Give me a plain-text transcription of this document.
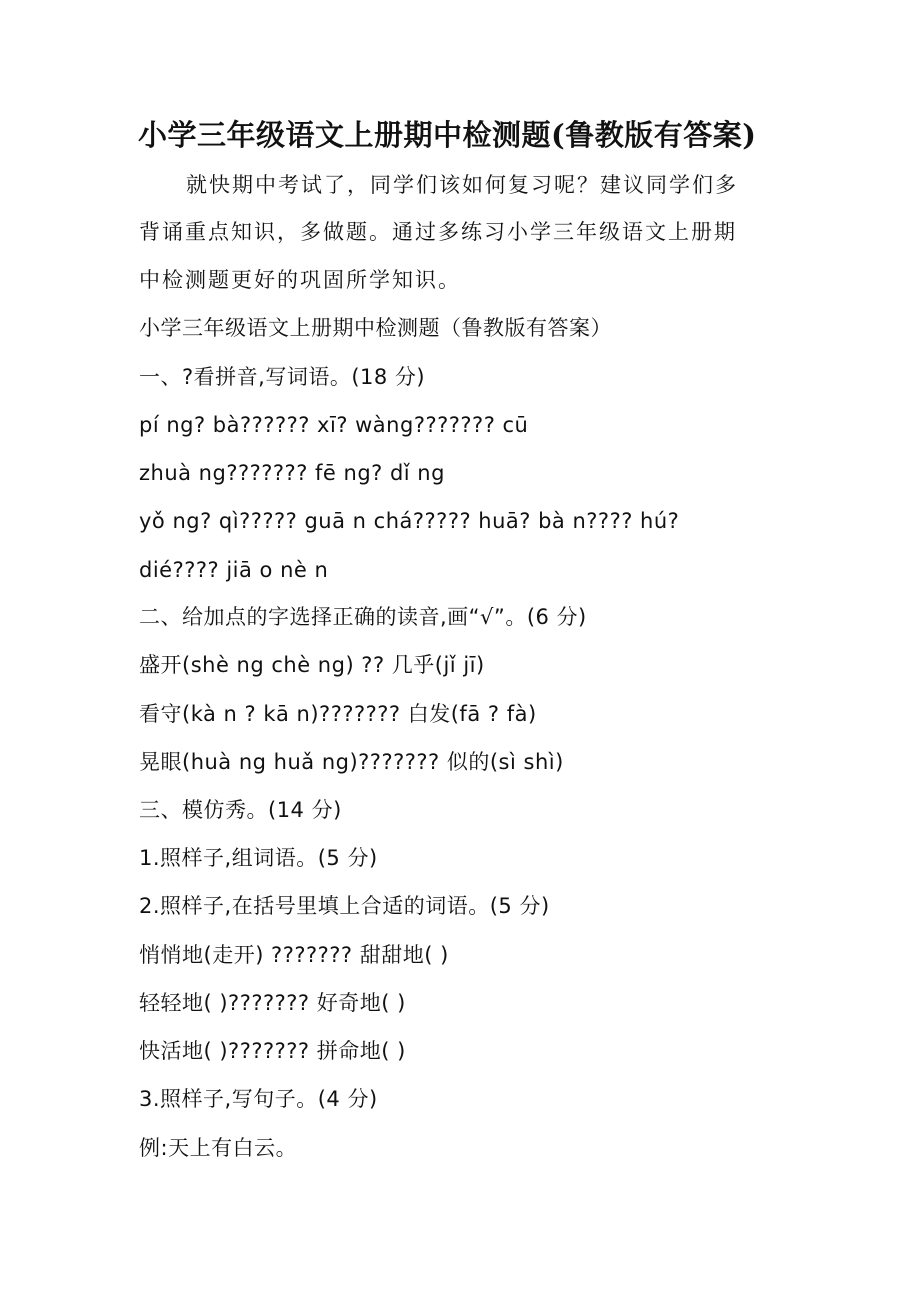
小学三年级语文上册期中检测题(鲁教版有答案)
就快期中考试了，同学们该如何复习呢？建议同学们多
背诵重点知识，多做题。通过多练习小学三年级语文上册期
中检测题更好的巩固所学知识。
小学三年级语文上册期中检测题（鲁教版有答案）
一、?看拼音,写词语。(18 分)
pí ng? bà?????? xī? wàng??????? cū
zhuà ng??????? fē ng? dǐ ng
yǒ ng? qì????? guā n chá????? huā? bà n???? hú?
dié???? jiā o nè n
二、给加点的字选择正确的读音,画“√”。(6 分)
盛开(shè ng chè ng) ?? 几乎(jǐ jī)
看守(kà n ? kā n)??????? 白发(fā ? fà)
晃眼(huà ng huǎ ng)??????? 似的(sì shì)
三、模仿秀。(14 分)
1.照样子,组词语。(5 分)
2.照样子,在括号里填上合适的词语。(5 分)
悄悄地(走开) ??????? 甜甜地( )
轻轻地( )??????? 好奇地( )
快活地( )??????? 拼命地( )
3.照样子,写句子。(4 分)
例:天上有白云。
